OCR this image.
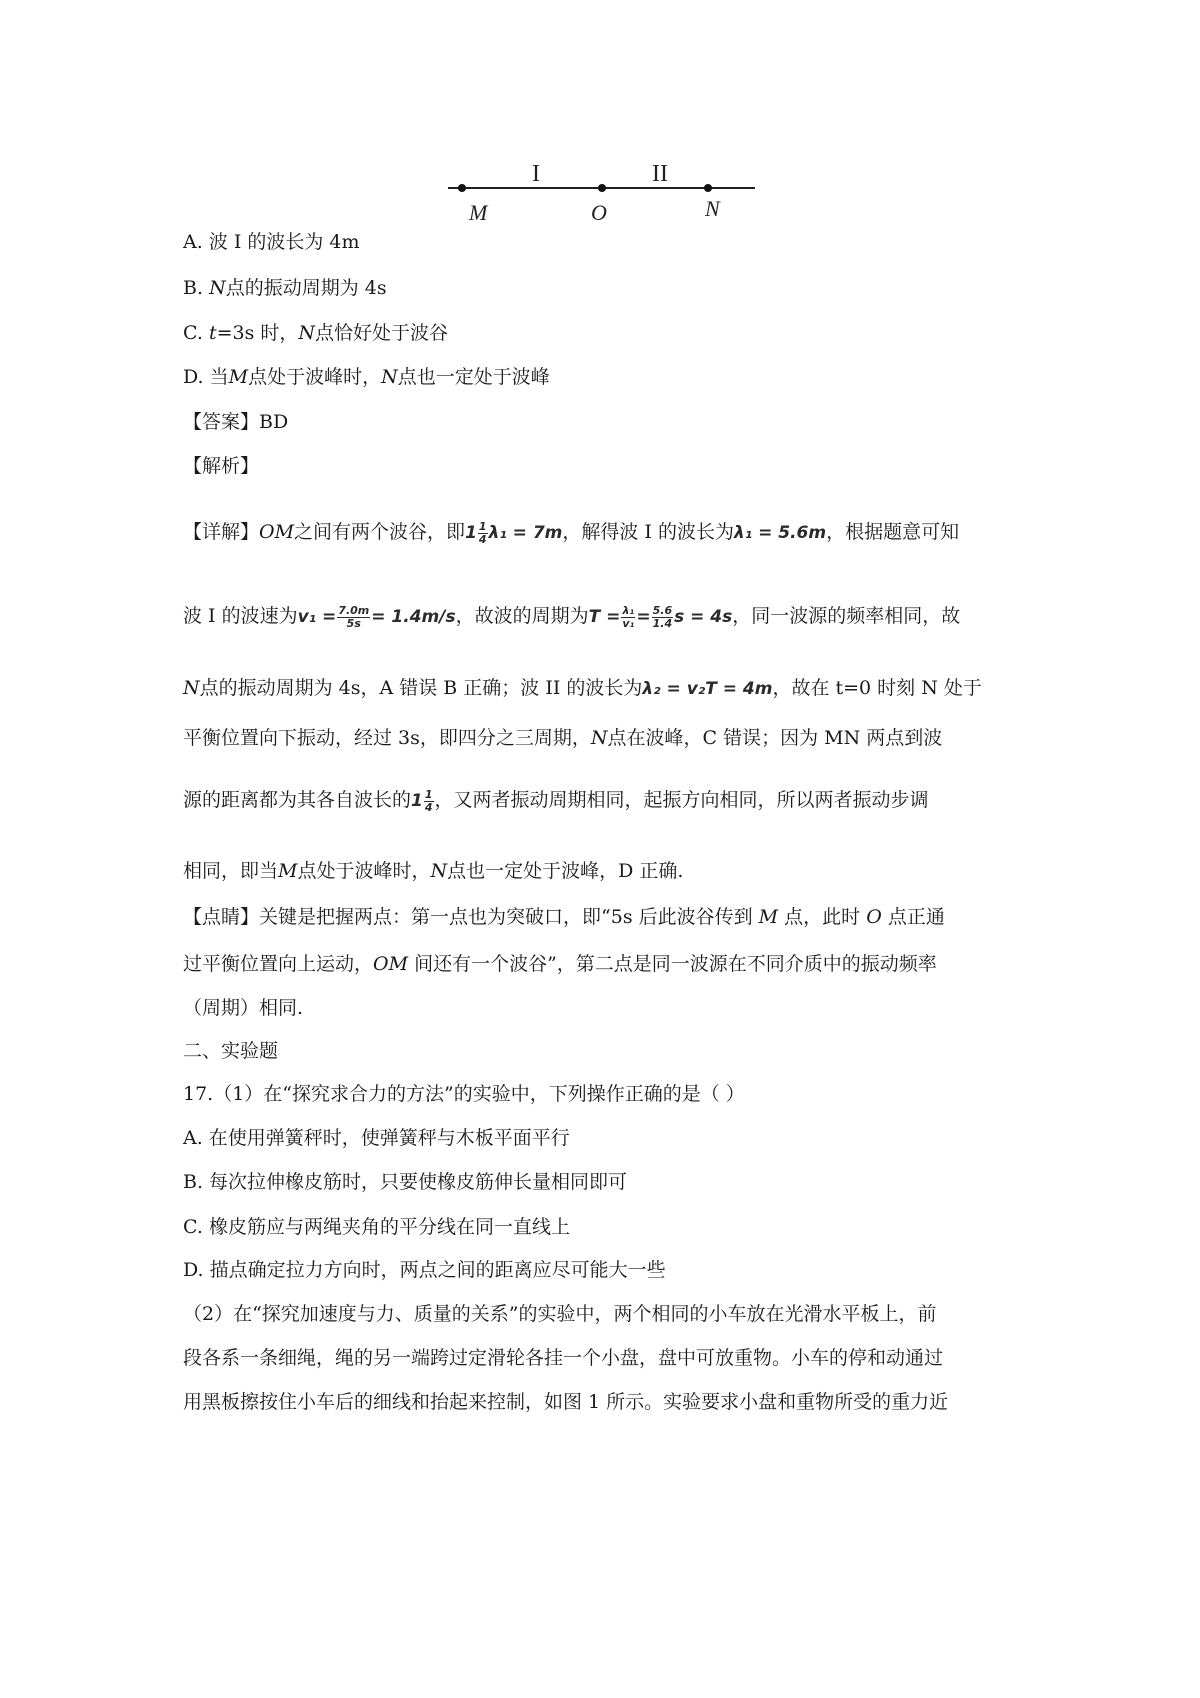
I	II
M	O	N
A. 波 I 的波长为 4m
B. N点的振动周期为 4s
C. t=3s 时，N点恰好处于波谷
D. 当M点处于波峰时，N点也一定处于波峰
【答案】BD
【解析】
【详解】OM之间有两个波谷，即$1 \frac{1}{4} \lambda_1 = 7m$，解得波 I 的波长为λ₁ = 5.6m，根据题意可知
波 I 的波速为$v_1 = \frac{7.0m}{5s} = 1.4m/s$，故波的周期为$T = \frac{\text{λ₁}}{\text{v₁}} = \frac{5.6}{1.4}$ s = 4s，同一波源的频率相同，故
N点的振动周期为 4s，A 错误 B 正确；波 II 的波长为λ₂ = v₂T = 4m，故在 t=0 时刻 N 处于
平衡位置向下振动，经过 3s，即四分之三周期，N点在波峰，C 错误；因为 MN 两点到波
源的距离都为其各自波长的$1 \frac{1}{4}$ ，又两者振动周期相同，起振方向相同，所以两者振动步调
相同，即当M点处于波峰时，N点也一定处于波峰，D 正确.
【点睛】关键是把握两点：第一点也为突破口，即“5s 后此波谷传到 M 点，此时 O 点正通
过平衡位置向上运动，OM 间还有一个波谷”，第二点是同一波源在不同介质中的振动频率
（周期）相同.
二、实验题
17.（1）在“探究求合力的方法”的实验中，下列操作正确的是（ ）
A. 在使用弹簧秤时，使弹簧秤与木板平面平行
B. 每次拉伸橡皮筋时，只要使橡皮筋伸长量相同即可
C. 橡皮筋应与两绳夹角的平分线在同一直线上
D. 描点确定拉力方向时，两点之间的距离应尽可能大一些
（2）在“探究加速度与力、质量的关系”的实验中，两个相同的小车放在光滑水平板上，前
段各系一条细绳，绳的另一端跨过定滑轮各挂一个小盘，盘中可放重物。小车的停和动通过
用黑板擦按住小车后的细线和抬起来控制，如图 1 所示。实验要求小盘和重物所受的重力近
